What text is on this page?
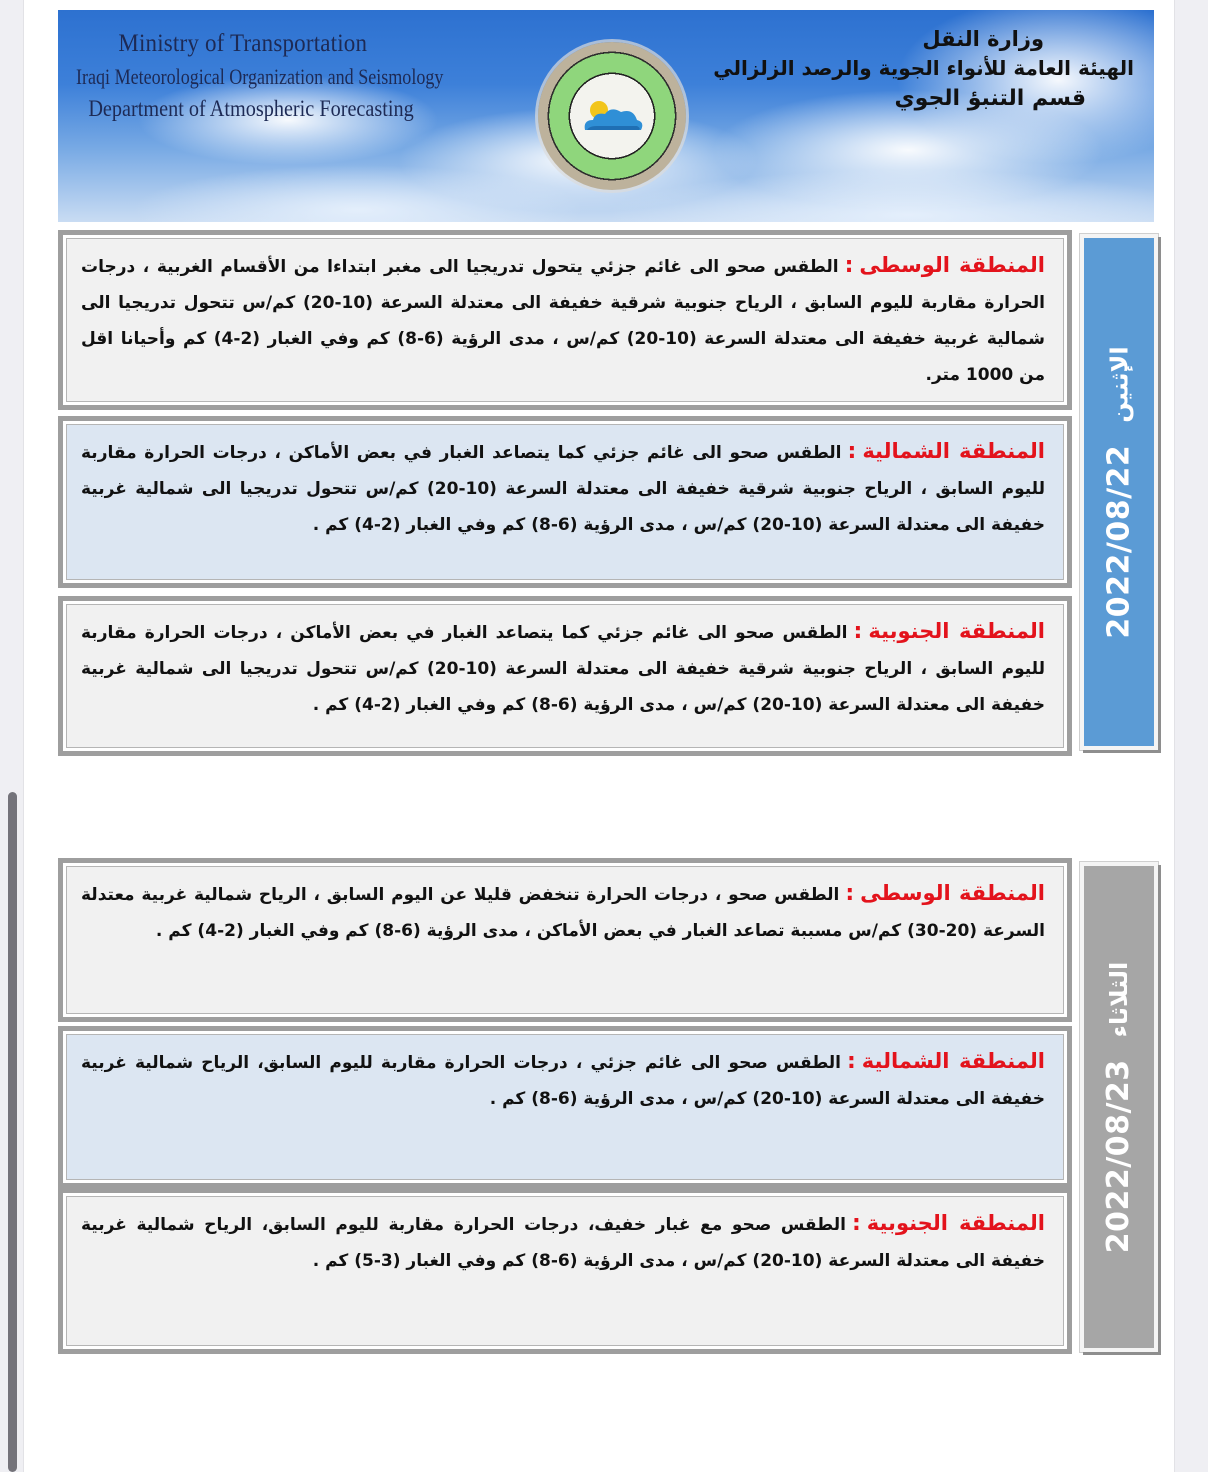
Ministry of Transportation
Iraqi Meteorological Organization and Seismology
Department of Atmospheric Forecasting
وزارة النقل
الهيئة العامة للأنواء الجوية والرصد الزلزالي
قسم التنبؤ الجوي
المنطقة الوسطى:الطقس صحو الى غائم جزئي يتحول تدريجيا الى مغبر ابتداءا من الأقسام الغربية ، درجات الحرارة مقاربة لليوم السابق ، الرياح جنوبية شرقية خفيفة الى معتدلة السرعة (10-20) كم/س تتحول تدريجيا الى شمالية غربية خفيفة الى معتدلة السرعة (10-20) كم/س ، مدى الرؤية (6-8) كم وفي الغبار (2-4) كم وأحيانا اقل من 1000 متر.
المنطقة الشمالية:الطقس صحو الى غائم جزئي كما يتصاعد الغبار في بعض الأماكن ، درجات الحرارة مقاربة لليوم السابق ، الرياح جنوبية شرقية خفيفة الى معتدلة السرعة (10-20) كم/س تتحول تدريجيا الى شمالية غربية خفيفة الى معتدلة السرعة (10-20) كم/س ، مدى الرؤية (6-8) كم وفي الغبار (2-4) كم .
المنطقة الجنوبية:الطقس صحو الى غائم جزئي كما يتصاعد الغبار في بعض الأماكن ، درجات الحرارة مقاربة لليوم السابق ، الرياح جنوبية شرقية خفيفة الى معتدلة السرعة (10-20) كم/س تتحول تدريجيا الى شمالية غربية خفيفة الى معتدلة السرعة (10-20) كم/س ، مدى الرؤية (6-8) كم وفي الغبار (2-4) كم .
2022/08/22
الإثنين
المنطقة الوسطى:الطقس صحو ، درجات الحرارة تنخفض قليلا عن اليوم السابق ، الرياح شمالية غربية معتدلة السرعة (20-30) كم/س مسببة تصاعد الغبار في بعض الأماكن ، مدى الرؤية (6-8) كم وفي الغبار (2-4) كم .
المنطقة الشمالية:الطقس صحو الى غائم جزئي ، درجات الحرارة مقاربة لليوم السابق، الرياح شمالية غربية خفيفة الى معتدلة السرعة (10-20) كم/س ، مدى الرؤية (6-8) كم .
المنطقة الجنوبية:الطقس صحو مع غبار خفيف، درجات الحرارة مقاربة لليوم السابق، الرياح شمالية غربية خفيفة الى معتدلة السرعة (10-20) كم/س ، مدى الرؤية (6-8) كم وفي الغبار (3-5) كم .
2022/08/23
الثلاثاء
